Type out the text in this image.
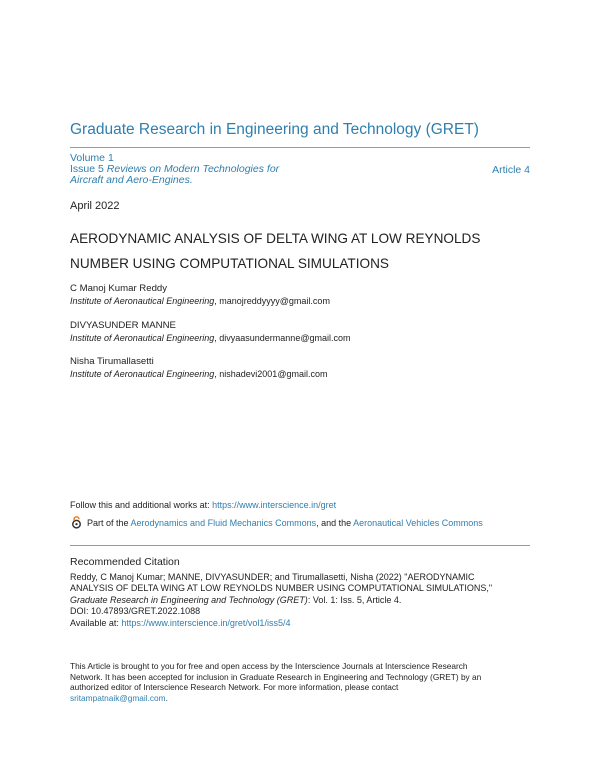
Graduate Research in Engineering and Technology (GRET)
Volume 1
Issue 5 Reviews on Modern Technologies for
Aircraft and Aero-Engines.
Article 4
April 2022
AERODYNAMIC ANALYSIS OF DELTA WING AT LOW REYNOLDS
NUMBER USING COMPUTATIONAL SIMULATIONS
C Manoj Kumar Reddy
Institute of Aeronautical Engineering, manojreddyyyy@gmail.com
DIVYASUNDER MANNE
Institute of Aeronautical Engineering, divyaasundermanne@gmail.com
Nisha Tirumallasetti
Institute of Aeronautical Engineering, nishadevi2001@gmail.com
Follow this and additional works at: https://www.interscience.in/gret
Part of the Aerodynamics and Fluid Mechanics Commons, and the Aeronautical Vehicles Commons
Recommended Citation
Reddy, C Manoj Kumar; MANNE, DIVYASUNDER; and Tirumallasetti, Nisha (2022) "AERODYNAMIC
ANALYSIS OF DELTA WING AT LOW REYNOLDS NUMBER USING COMPUTATIONAL SIMULATIONS,"
Graduate Research in Engineering and Technology (GRET): Vol. 1: Iss. 5, Article 4.
DOI: 10.47893/GRET.2022.1088
Available at: https://www.interscience.in/gret/vol1/iss5/4
This Article is brought to you for free and open access by the Interscience Journals at Interscience Research
Network. It has been accepted for inclusion in Graduate Research in Engineering and Technology (GRET) by an
authorized editor of Interscience Research Network. For more information, please contact
sritampatnaik@gmail.com.
